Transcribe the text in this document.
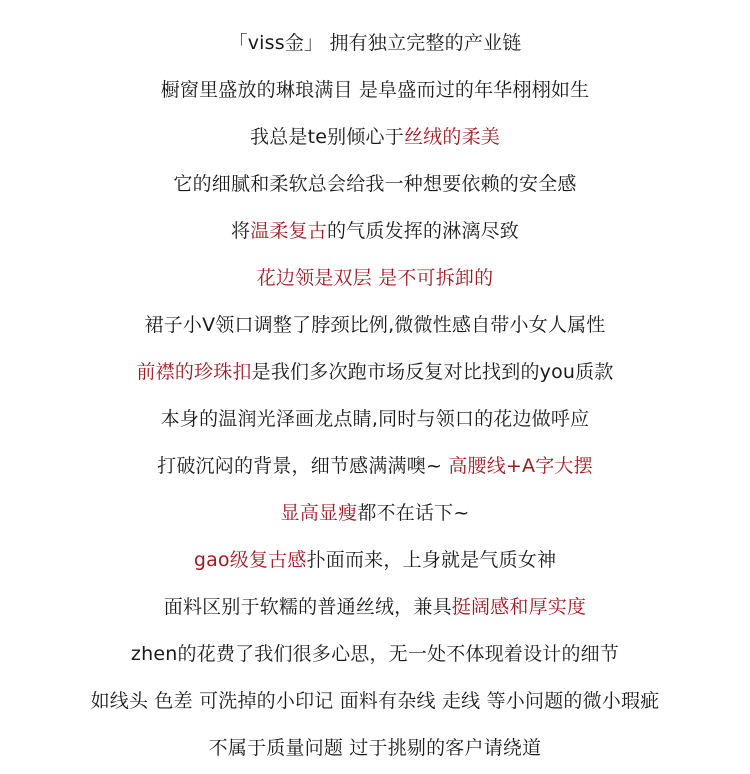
「viss金」 拥有独立完整的产业链
橱窗里盛放的琳琅满目 是阜盛而过的年华栩栩如生
我总是te别倾心于丝绒的柔美
它的细腻和柔软总会给我一种想要依赖的安全感
将温柔复古的气质发挥的淋漓尽致
花边领是双层 是不可拆卸的
裙子小V领口调整了脖颈比例,微微性感自带小女人属性
前襟的珍珠扣是我们多次跑市场反复对比找到的you质款
本身的温润光泽画龙点睛,同时与领口的花边做呼应
打破沉闷的背景，细节感满满噢~ 高腰线+A字大摆
显高显瘦都不在话下~
gao级复古感扑面而来，上身就是气质女神
面料区别于软糯的普通丝绒，兼具挺阔感和厚实度
zhen的花费了我们很多心思，无一处不体现着设计的细节
如线头 色差 可洗掉的小印记 面料有杂线 走线 等小问题的微小瑕疵
不属于质量问题 过于挑剔的客户请绕道
